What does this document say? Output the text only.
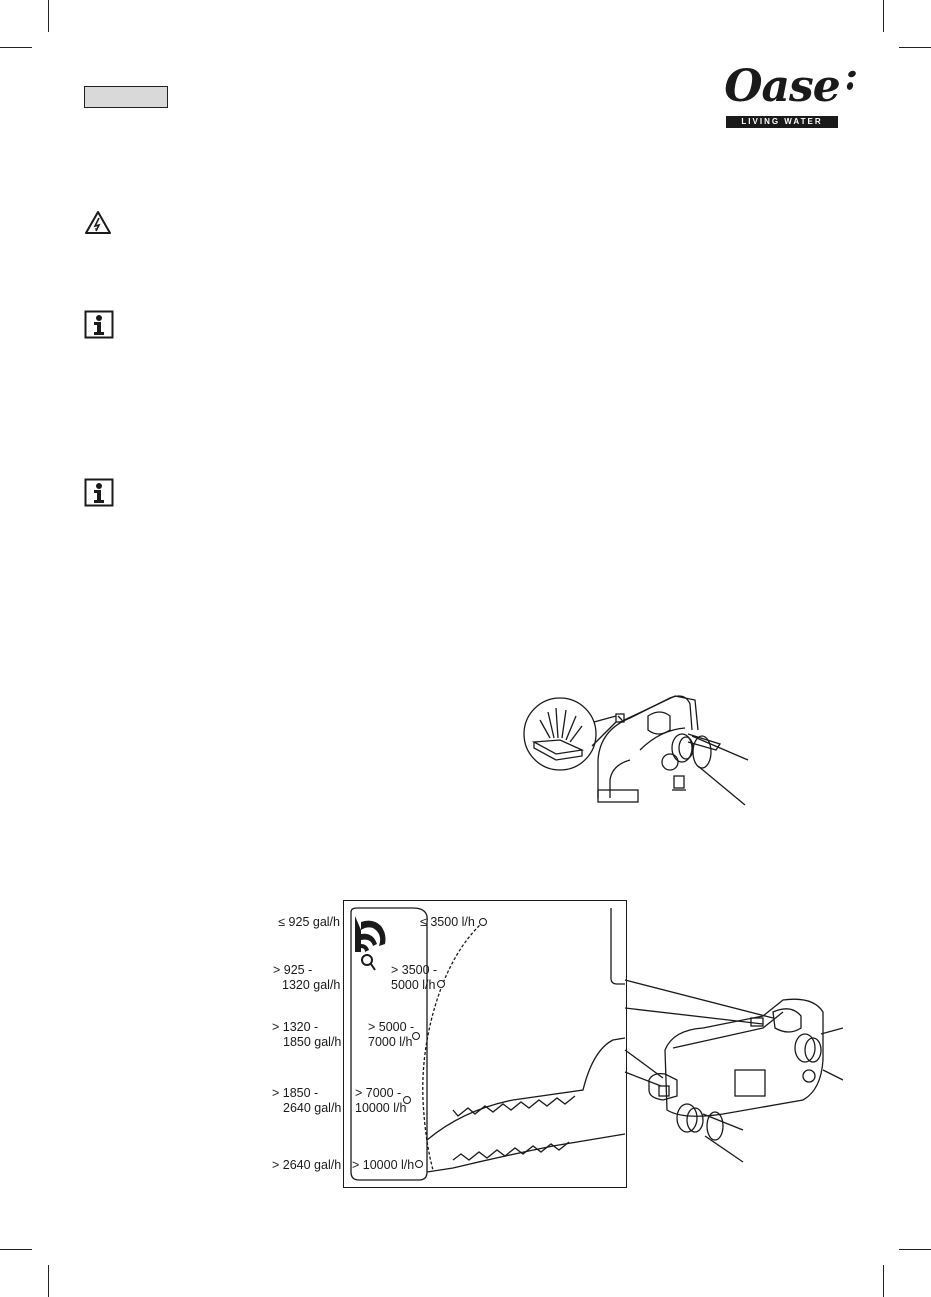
Oase
LIVING WATER
≤ 925 gal/h
> 925 -
1320 gal/h
> 1320 -
1850 gal/h
> 1850 -
2640 gal/h
> 2640 gal/h
≤ 3500 l/h
> 3500 -
5000 l/h
> 5000 -
7000 l/h
> 7000 -
10000 l/h
> 10000 l/h
